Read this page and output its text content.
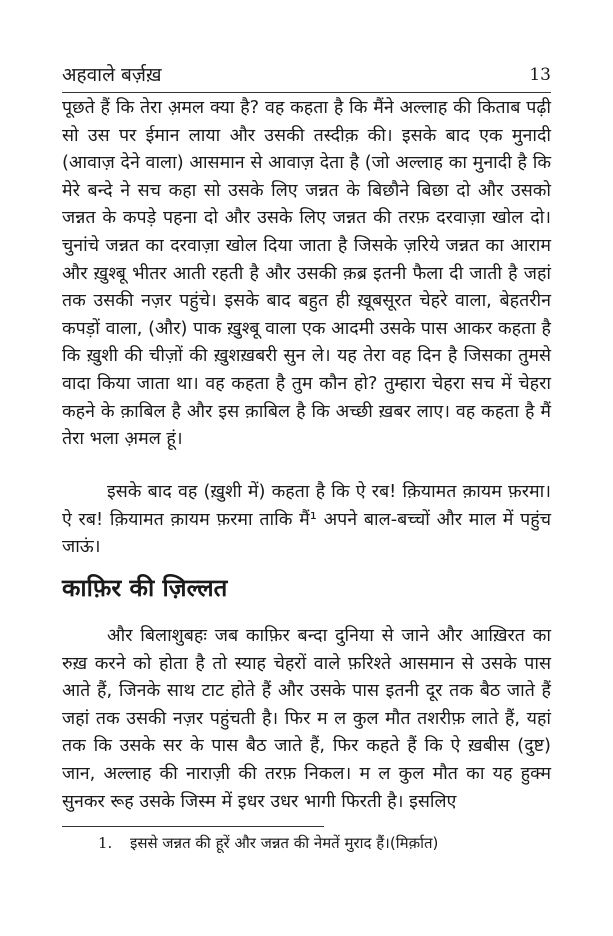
अहवाले बर्ज़ख़	13

पूछते हैं कि तेरा अ़मल क्या है? वह कहता है कि मैंने अल्लाह की किताब पढ़ी सो उस पर ईमान लाया और उसकी तस्दीक़ की। इसके बाद एक मुनादी (आवाज़ देने वाला) आसमान से आवाज़ देता है (जो अल्लाह का मुनादी है कि मेरे बन्दे ने सच कहा सो उसके लिए जन्नत के बिछौने बिछा दो और उसको जन्नत के कपड़े पहना दो और उसके लिए जन्नत की तरफ़ दरवाज़ा खोल दो। चुनांचे जन्नत का दरवाज़ा खोल दिया जाता है जिसके ज़रिये जन्नत का आराम और ख़ुश्बू भीतर आती रहती है और उसकी क़ब्र इतनी फैला दी जाती है जहां तक उसकी नज़र पहुंचे। इसके बाद बहुत ही ख़ूबसूरत चेहरे वाला, बेहतरीन कपड़ों वाला, (और) पाक ख़ुश्बू वाला एक आदमी उसके पास आकर कहता है कि ख़ुशी की चीज़ों की ख़ुशख़बरी सुन ले। यह तेरा वह दिन है जिसका तुमसे वादा किया जाता था। वह कहता है तुम कौन हो? तुम्हारा चेहरा सच में चेहरा कहने के क़ाबिल है और इस क़ाबिल है कि अच्छी ख़बर लाए। वह कहता है मैं तेरा भला अ़मल हूं।

इसके बाद वह (ख़ुशी में) कहता है कि ऐ रब! क़ियामत क़ायम फ़रमा। ऐ रब! क़ियामत क़ायम फ़रमा ताकि मैं¹ अपने बाल-बच्चों और माल में पहुंच जाऊं।

काफ़िर की ज़िल्लत

और बिलाशुबहः जब काफ़िर बन्दा दुनिया से जाने और आख़िरत का रुख़ करने को होता है तो स्याह चेहरों वाले फ़रिश्ते आसमान से उसके पास आते हैं, जिनके साथ टाट होते हैं और उसके पास इतनी दूर तक बैठ जाते हैं जहां तक उसकी नज़र पहुंचती है। फिर म ल कुल मौत तशरीफ़ लाते हैं, यहां तक कि उसके सर के पास बैठ जाते हैं, फिर कहते हैं कि ऐ ख़बीस (दुष्ट) जान, अल्लाह की नाराज़ी की तरफ़ निकल। म ल कुल मौत का यह हुक्म सुनकर रूह उसके जिस्म में इधर उधर भागी फिरती है। इसलिए

1. इससे जन्नत की हूरें और जन्नत की नेमतें मुराद हैं।(मिर्क़ात)
